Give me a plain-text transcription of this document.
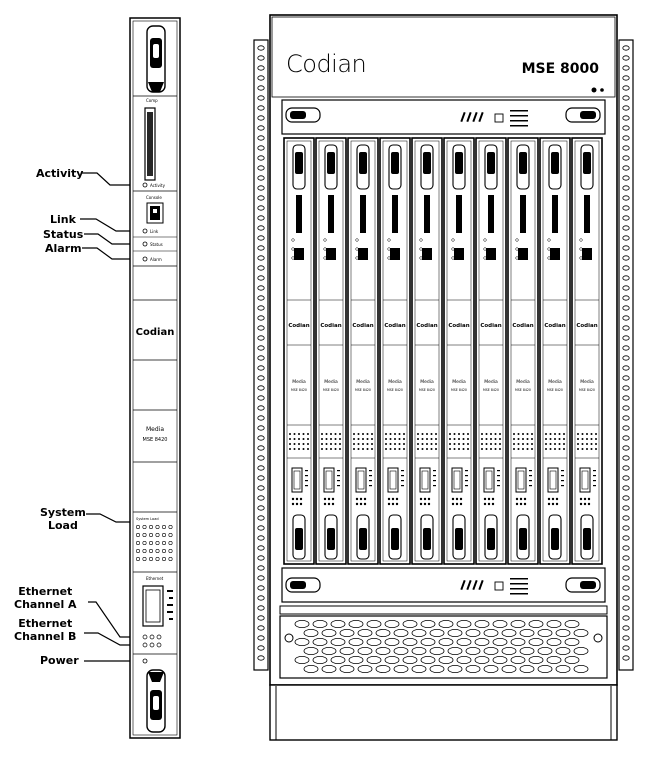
Activity
Link
Status
Alarm
System
Load
Ethernet
Channel A
Ethernet
Channel B
Power
Comp
Activity
Console
Link
Status
Alarm
Codian
Media
MSE 8420
System Load
Ethernet
Codian	MSE 8000
Codian
Media
MSE 8420
Codian
Media
MSE 8420
Codian
Media
MSE 8420
Codian
Media
MSE 8420
Codian
Media
MSE 8420
Codian
Media
MSE 8420
Codian
Media
MSE 8420
Codian
Media
MSE 8420
Codian
Media
MSE 8420
Codian
Media
MSE 8420
